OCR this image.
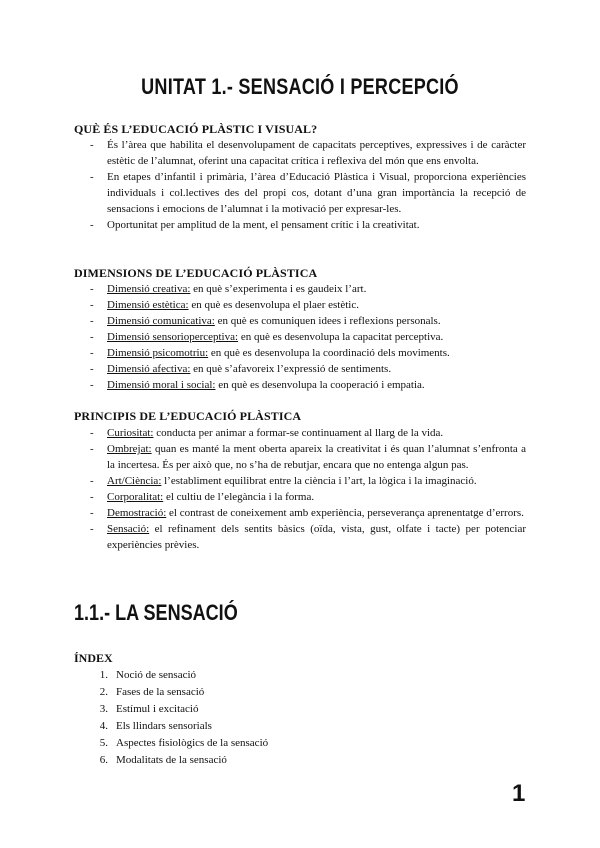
UNITAT 1.- SENSACIÓ I PERCEPCIÓ
QUÈ ÉS L’EDUCACIÓ PLÀSTIC I VISUAL?
- És l’àrea que habilita el desenvolupament de capacitats perceptives, expressives i de caràcter estètic de l’alumnat, oferint una capacitat crítica i reflexiva del món que ens envolta.
- En etapes d’infantil i primària, l’àrea d’Educació Plàstica i Visual, proporciona experiències individuals i col.lectives des del propi cos, dotant d’una gran importància la recepció de sensacions i emocions de l’alumnat i la motivació per expresar-les.
- Oportunitat per amplitud de la ment, el pensament crític i la creativitat.
DIMENSIONS DE L’EDUCACIÓ PLÀSTICA
- Dimensió creativa: en què s’experimenta i es gaudeix l’art.
- Dimensió estètica: en què es desenvolupa el plaer estètic.
- Dimensió comunicativa: en què es comuniquen idees i reflexions personals.
- Dimensió sensorioperceptiva: en què es desenvolupa la capacitat perceptiva.
- Dimensió psicomotriu: en què es desenvolupa la coordinació dels moviments.
- Dimensió afectiva: en què s’afavoreix l’expressió de sentiments.
- Dimensió moral i social: en què es desenvolupa la cooperació i empatia.
PRINCIPIS DE L’EDUCACIÓ PLÀSTICA
- Curiositat: conducta per animar a formar-se continuament al llarg de la vida.
- Ombrejat: quan es manté la ment oberta apareix la creativitat i és quan l’alumnat s’enfronta a la incertesa. És per això que, no s’ha de rebutjar, encara que no entenga algun pas.
- Art/Ciència: l’establiment equilibrat entre la ciència i l’art, la lògica i la imaginació.
- Corporalitat: el cultiu de l’elegància i la forma.
- Demostració: el contrast de coneixement amb experiència, perseverança aprenentatge d’errors.
- Sensació: el refinament dels sentits bàsics (oïda, vista, gust, olfate i tacte) per potenciar experiències prèvies.
1.1.- LA SENSACIÓ
ÍNDEX
1. Noció de sensació
2. Fases de la sensació
3. Estímul i excitació
4. Els llindars sensorials
5. Aspectes fisiològics de la sensació
6. Modalitats de la sensació
1
